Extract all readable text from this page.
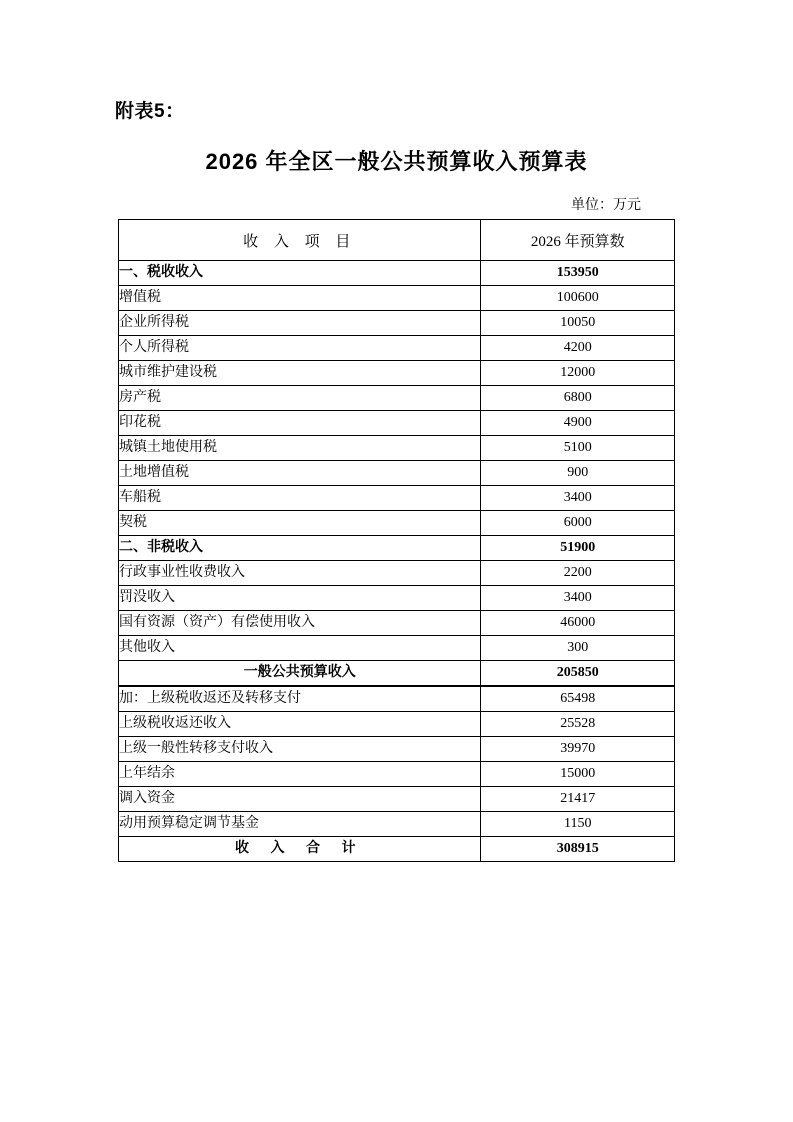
附表5：
2026 年全区一般公共预算收入预算表
单位：万元
收 入 项 目	2026 年预算数
一、税收收入	153950
增值税	100600
企业所得税	10050
个人所得税	4200
城市维护建设税	12000
房产税	6800
印花税	4900
城镇土地使用税	5100
土地增值税	900
车船税	3400
契税	6000
二、非税收入	51900
行政事业性收费收入	2200
罚没收入	3400
国有资源（资产）有偿使用收入	46000
其他收入	300
一般公共预算收入	205850
加：上级税收返还及转移支付	65498
上级税收返还收入	25528
上级一般性转移支付收入	39970
上年结余	15000
调入资金	21417
动用预算稳定调节基金	1150
收 入 合 计	308915
